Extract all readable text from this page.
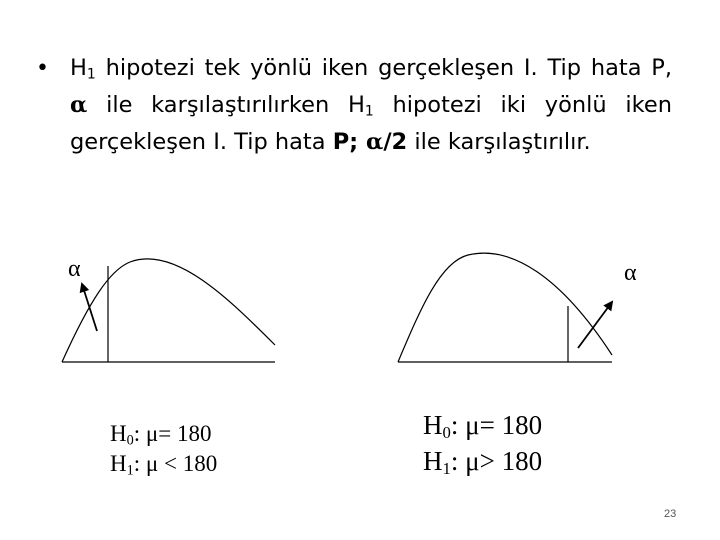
• $H_1$ hipotezi tek yönlü iken gerçekleşen I. Tip hata P, α ile karşılaştırılırken $H_1$ hipotezi iki yönlü iken gerçekleşen I. Tip hata P; α/2 ile karşılaştırılır.
α	α
$H_0$: μ= 180
$H_1$: μ < 180
$H_0$: μ= 180
$H_1$: μ> 180
23
